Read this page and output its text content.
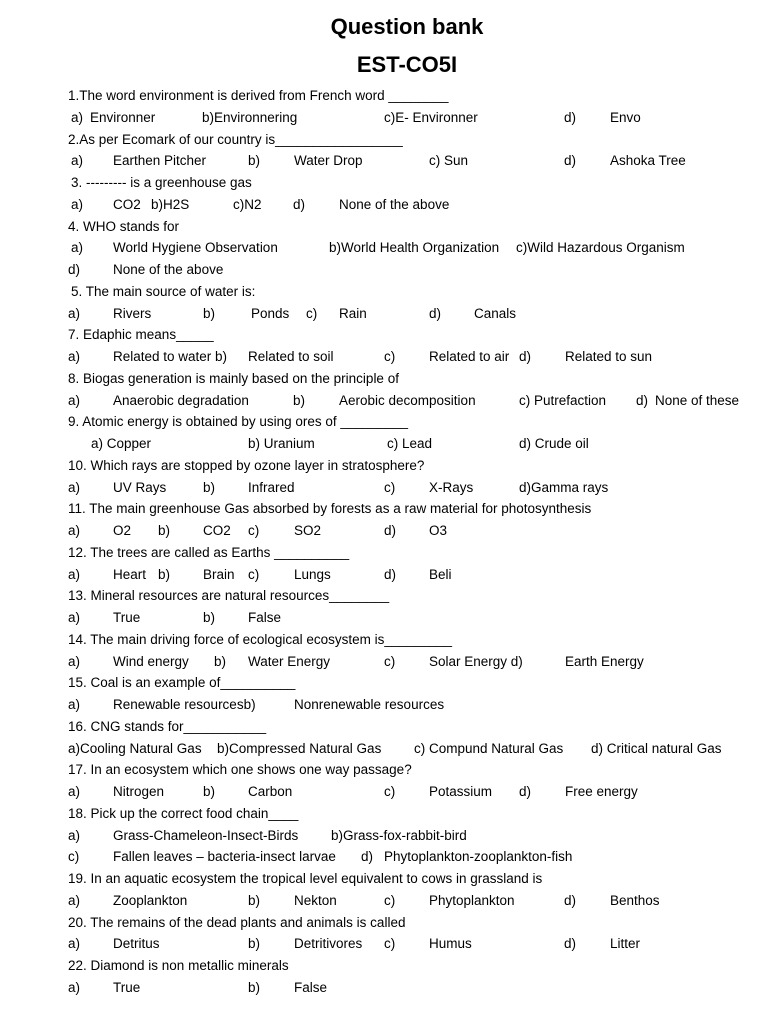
Question bank
EST-CO5I
1.The word environment is derived from French word ________
a) Environner	b)Environnering	c)E- Environner	d)	Envo
2.As per Ecomark of our country is_________________
a) Earthen Pitcher	b)	Water Drop	c) Sun	d)	Ashoka Tree
3. --------- is a greenhouse gas
a) CO2 b)H2S	c)N2 d)	None of the above
4. WHO stands for
a) World Hygiene Observation	b)World Health Organization c)Wild Hazardous Organism
d) None of the above
5. The main source of water is:
a) Rivers	b)	Ponds c) Rain	d) Canals
7. Edaphic means_____
a) Related to water b) Related to soil	c)	Related to air d)	Related to sun
8. Biogas generation is mainly based on the principle of
a) Anaerobic degradation	b)	Aerobic decomposition	c) Putrefaction d) None of these
9. Atomic energy is obtained by using ores of _________
a) Copper	b) Uranium	c) Lead	d) Crude oil
10. Which rays are stopped by ozone layer in stratosphere?
a) UV Rays	b) Infrared	c)	X-Rays	d)Gamma rays
11. The main greenhouse Gas absorbed by forests as a raw material for photosynthesis
a) O2 b) CO2 c)	SO2	d) O3
12. The trees are called as Earths __________
a) Heart b) Brain c)	Lungs	d) Beli
13. Mineral resources are natural resources________
a) True	b) False
14. The main driving force of ecological ecosystem is_________
a) Wind energy b) Water Energy	c)	Solar Energy d)	Earth Energy
15. Coal is an example of__________
a) Renewable resourcesb)	Nonrenewable resources
16. CNG stands for___________
a)Cooling Natural Gas b)Compressed Natural Gas c) Compund Natural Gas d) Critical natural Gas
17. In an ecosystem which one shows one way passage?
a) Nitrogen	b) Carbon	c)	Potassium d)	Free energy
18. Pick up the correct food chain____
a) Grass-Chameleon-Insect-Birds b)Grass-fox-rabbit-bird
c)	Fallen leaves – bacteria-insect larvae d) Phytoplankton-zooplankton-fish
19. In an aquatic ecosystem the tropical level equivalent to cows in grassland is
a) Zooplankton	b)	Nekton	c)	Phytoplankton	d)	Benthos
20. The remains of the dead plants and animals is called
a) Detritus	b)	Detritivores c)	Humus	d)	Litter
22. Diamond is non metallic minerals
a) True	b)	False
